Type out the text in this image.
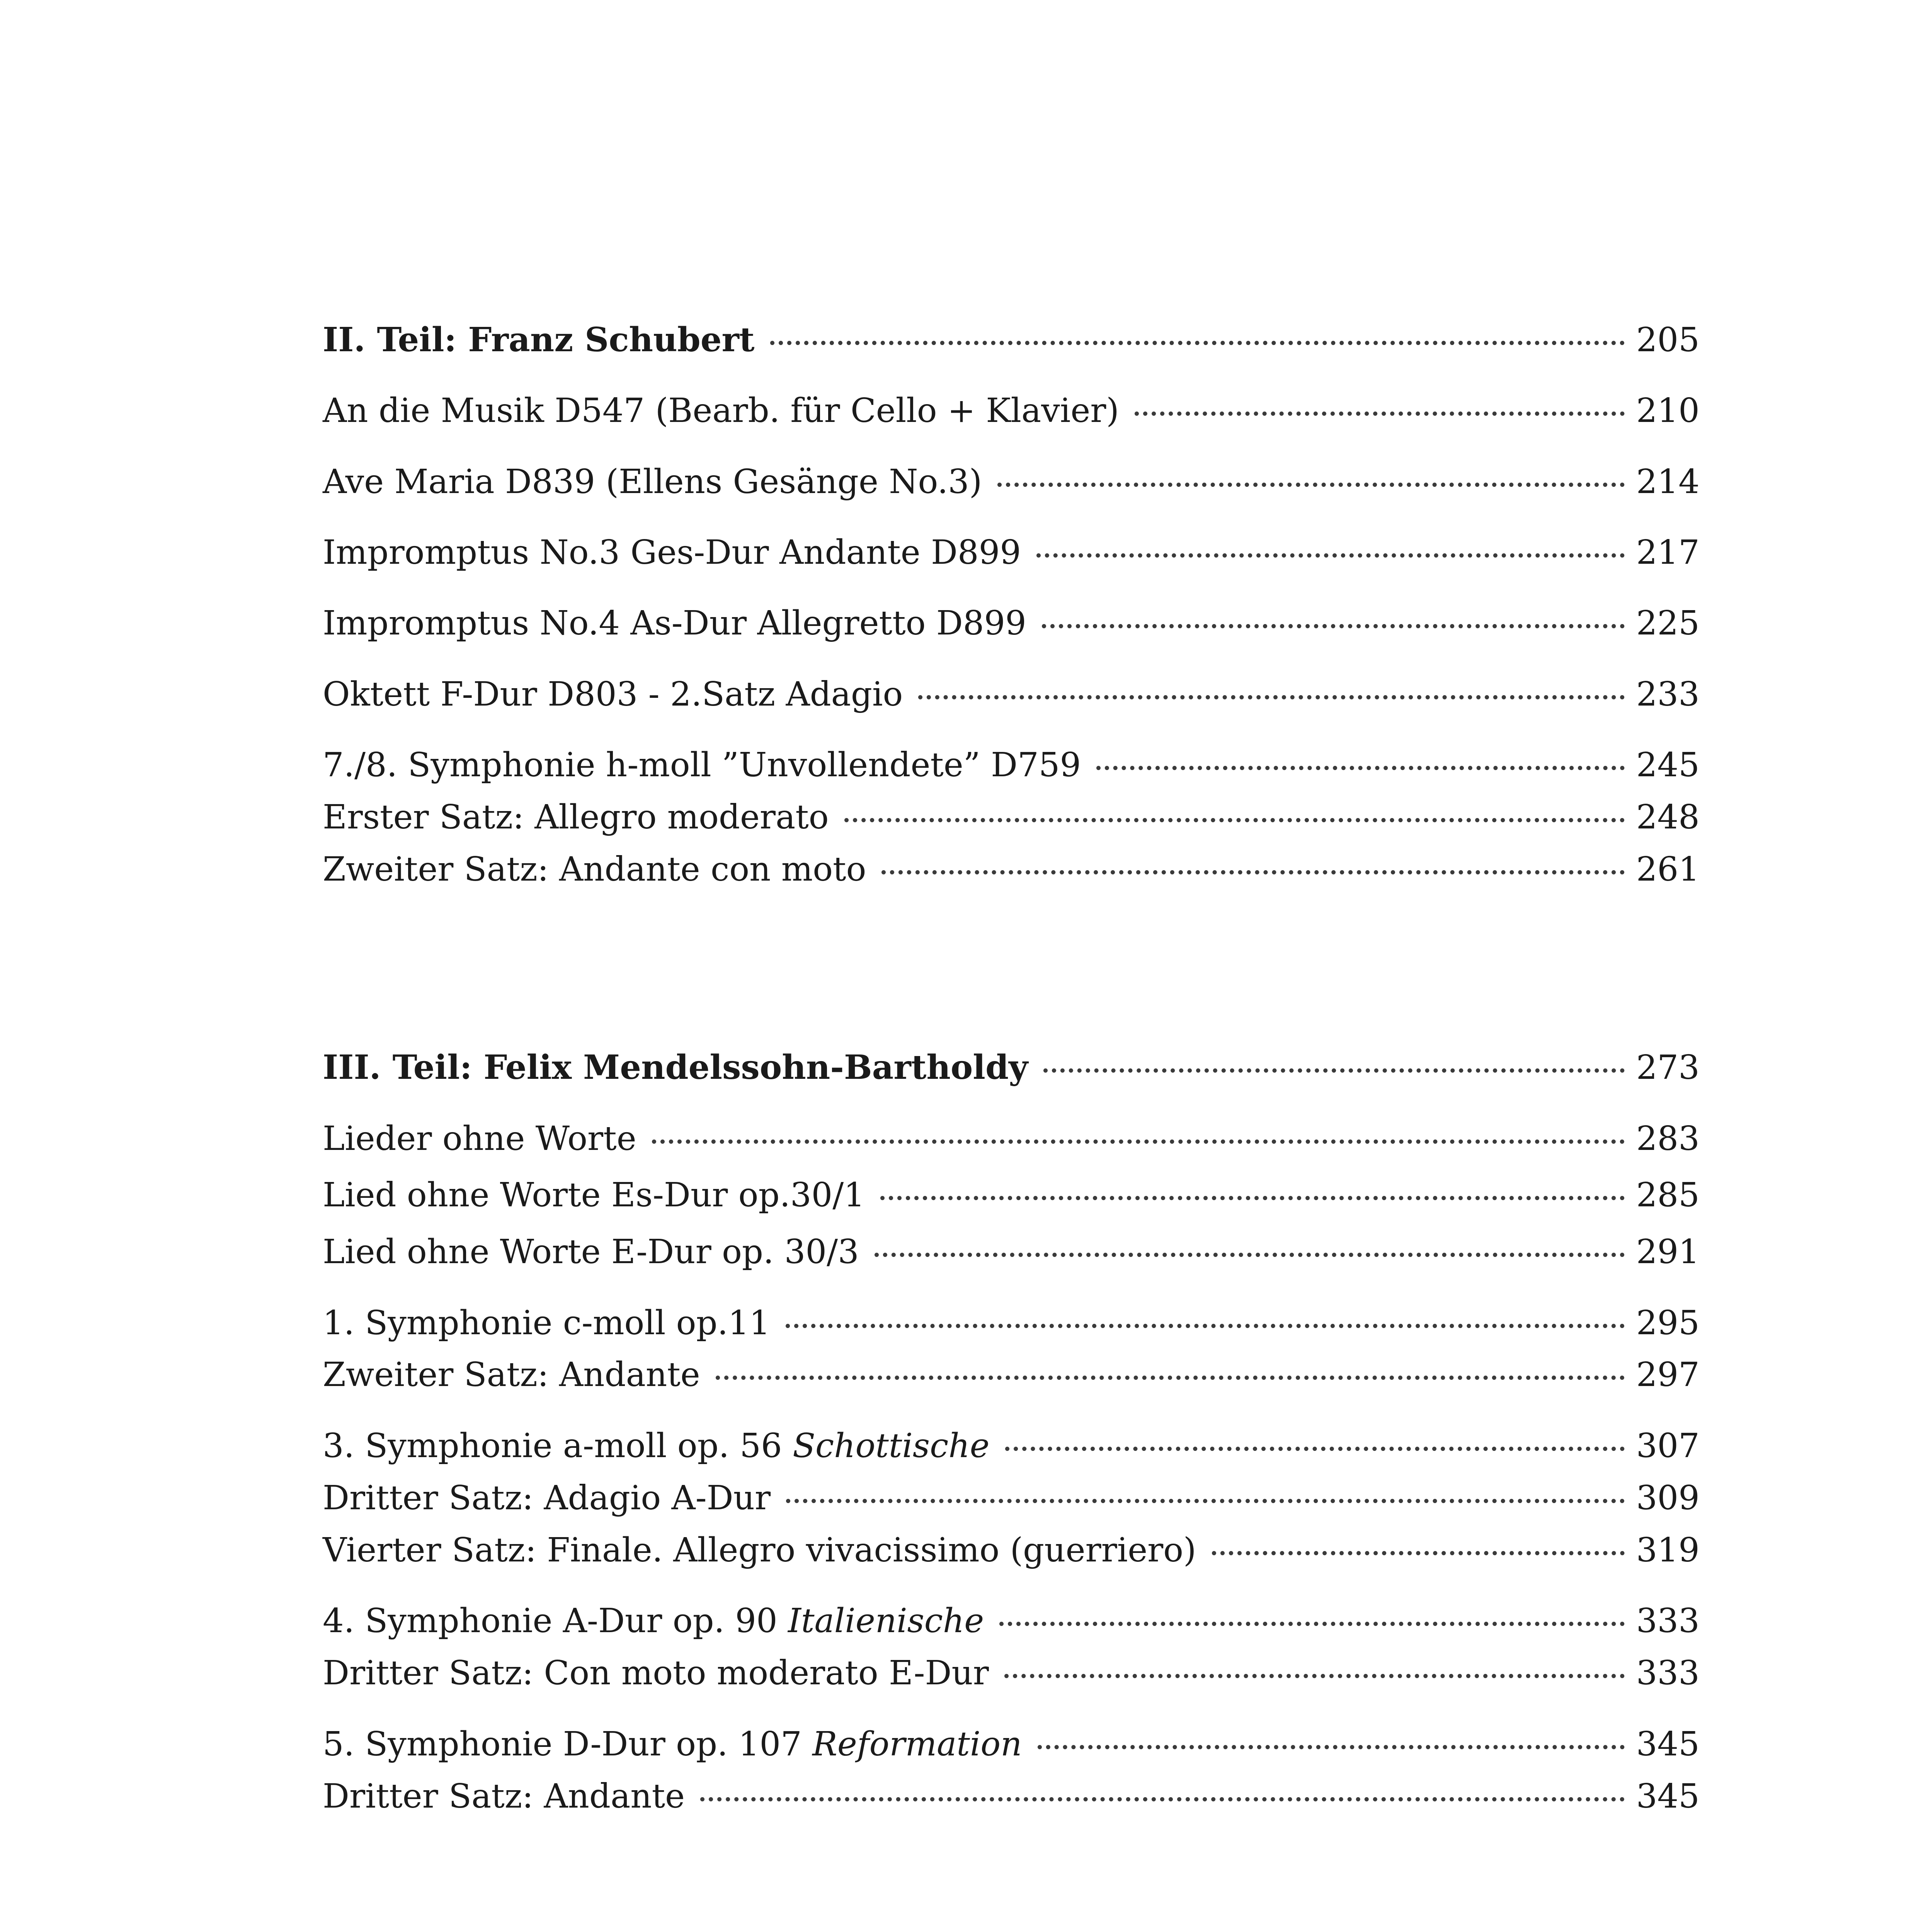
II. Teil: Franz Schubert	205
An die Musik D547 (Bearb. für Cello + Klavier)	210
Ave Maria D839 (Ellens Gesänge No.3)	214
Impromptus No.3 Ges-Dur Andante D899	217
Impromptus No.4 As-Dur Allegretto D899	225
Oktett F-Dur D803 - 2.Satz Adagio	233
7./8. Symphonie h-moll ”Unvollendete” D759	245
Erster Satz: Allegro moderato	248
Zweiter Satz: Andante con moto	261
III. Teil: Felix Mendelssohn-Bartholdy	273
Lieder ohne Worte	283
Lied ohne Worte Es-Dur op.30/1	285
Lied ohne Worte E-Dur op. 30/3	291
1. Symphonie c-moll op.11	295
Zweiter Satz: Andante	297
3. Symphonie a-moll op. 56 Schottische	307
Dritter Satz: Adagio A-Dur	309
Vierter Satz: Finale. Allegro vivacissimo (guerriero)	319
4. Symphonie A-Dur op. 90 Italienische	333
Dritter Satz: Con moto moderato E-Dur	333
5. Symphonie D-Dur op. 107 Reformation	345
Dritter Satz: Andante	345
